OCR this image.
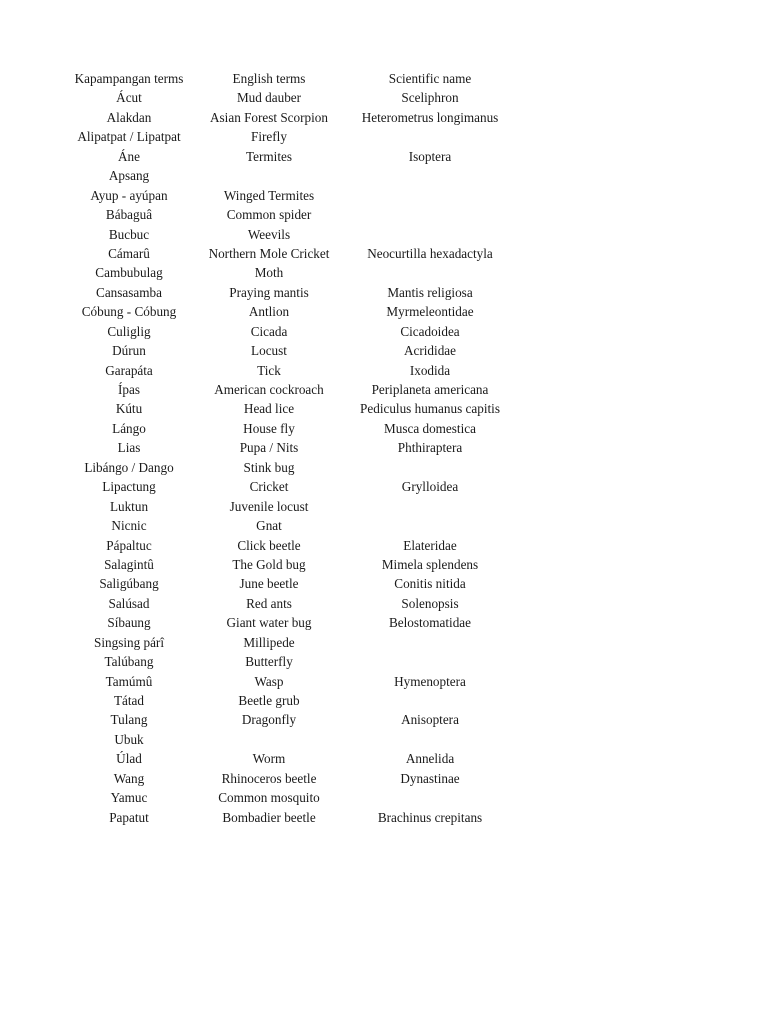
Kapampangan terms	English terms	Scientific name
Ácut	Mud dauber	Sceliphron
Alakdan	Asian Forest Scorpion	Heterometrus longimanus
Alipatpat / Lipatpat	Firefly
Áne	Termites	Isoptera
Apsang
Ayup - ayúpan	Winged Termites
Bábaguâ	Common spider
Bucbuc	Weevils
Cámarû	Northern Mole Cricket	Neocurtilla hexadactyla
Cambubulag	Moth
Cansasamba	Praying mantis	Mantis religiosa
Cóbung - Cóbung	Antlion	Myrmeleontidae
Culiglig	Cicada	Cicadoidea
Dúrun	Locust	Acrididae
Garapáta	Tick	Ixodida
Ípas	American cockroach	Periplaneta americana
Kútu	Head lice	Pediculus humanus capitis
Lángo	House fly	Musca domestica
Lias	Pupa / Nits	Phthiraptera
Libángo / Dango	Stink bug
Lipactung	Cricket	Grylloidea
Luktun	Juvenile locust
Nicnic	Gnat
Pápaltuc	Click beetle	Elateridae
Salagintû	The Gold bug	Mimela splendens
Saligúbang	June beetle	Conitis nitida
Salúsad	Red ants	Solenopsis
Síbaung	Giant water bug	Belostomatidae
Singsing párî	Millipede
Talúbang	Butterfly
Tamúmû	Wasp	Hymenoptera
Tátad	Beetle grub
Tulang	Dragonfly	Anisoptera
Ubuk
Úlad	Worm	Annelida
Wang	Rhinoceros beetle	Dynastinae
Yamuc	Common mosquito
Papatut	Bombadier beetle	Brachinus crepitans
